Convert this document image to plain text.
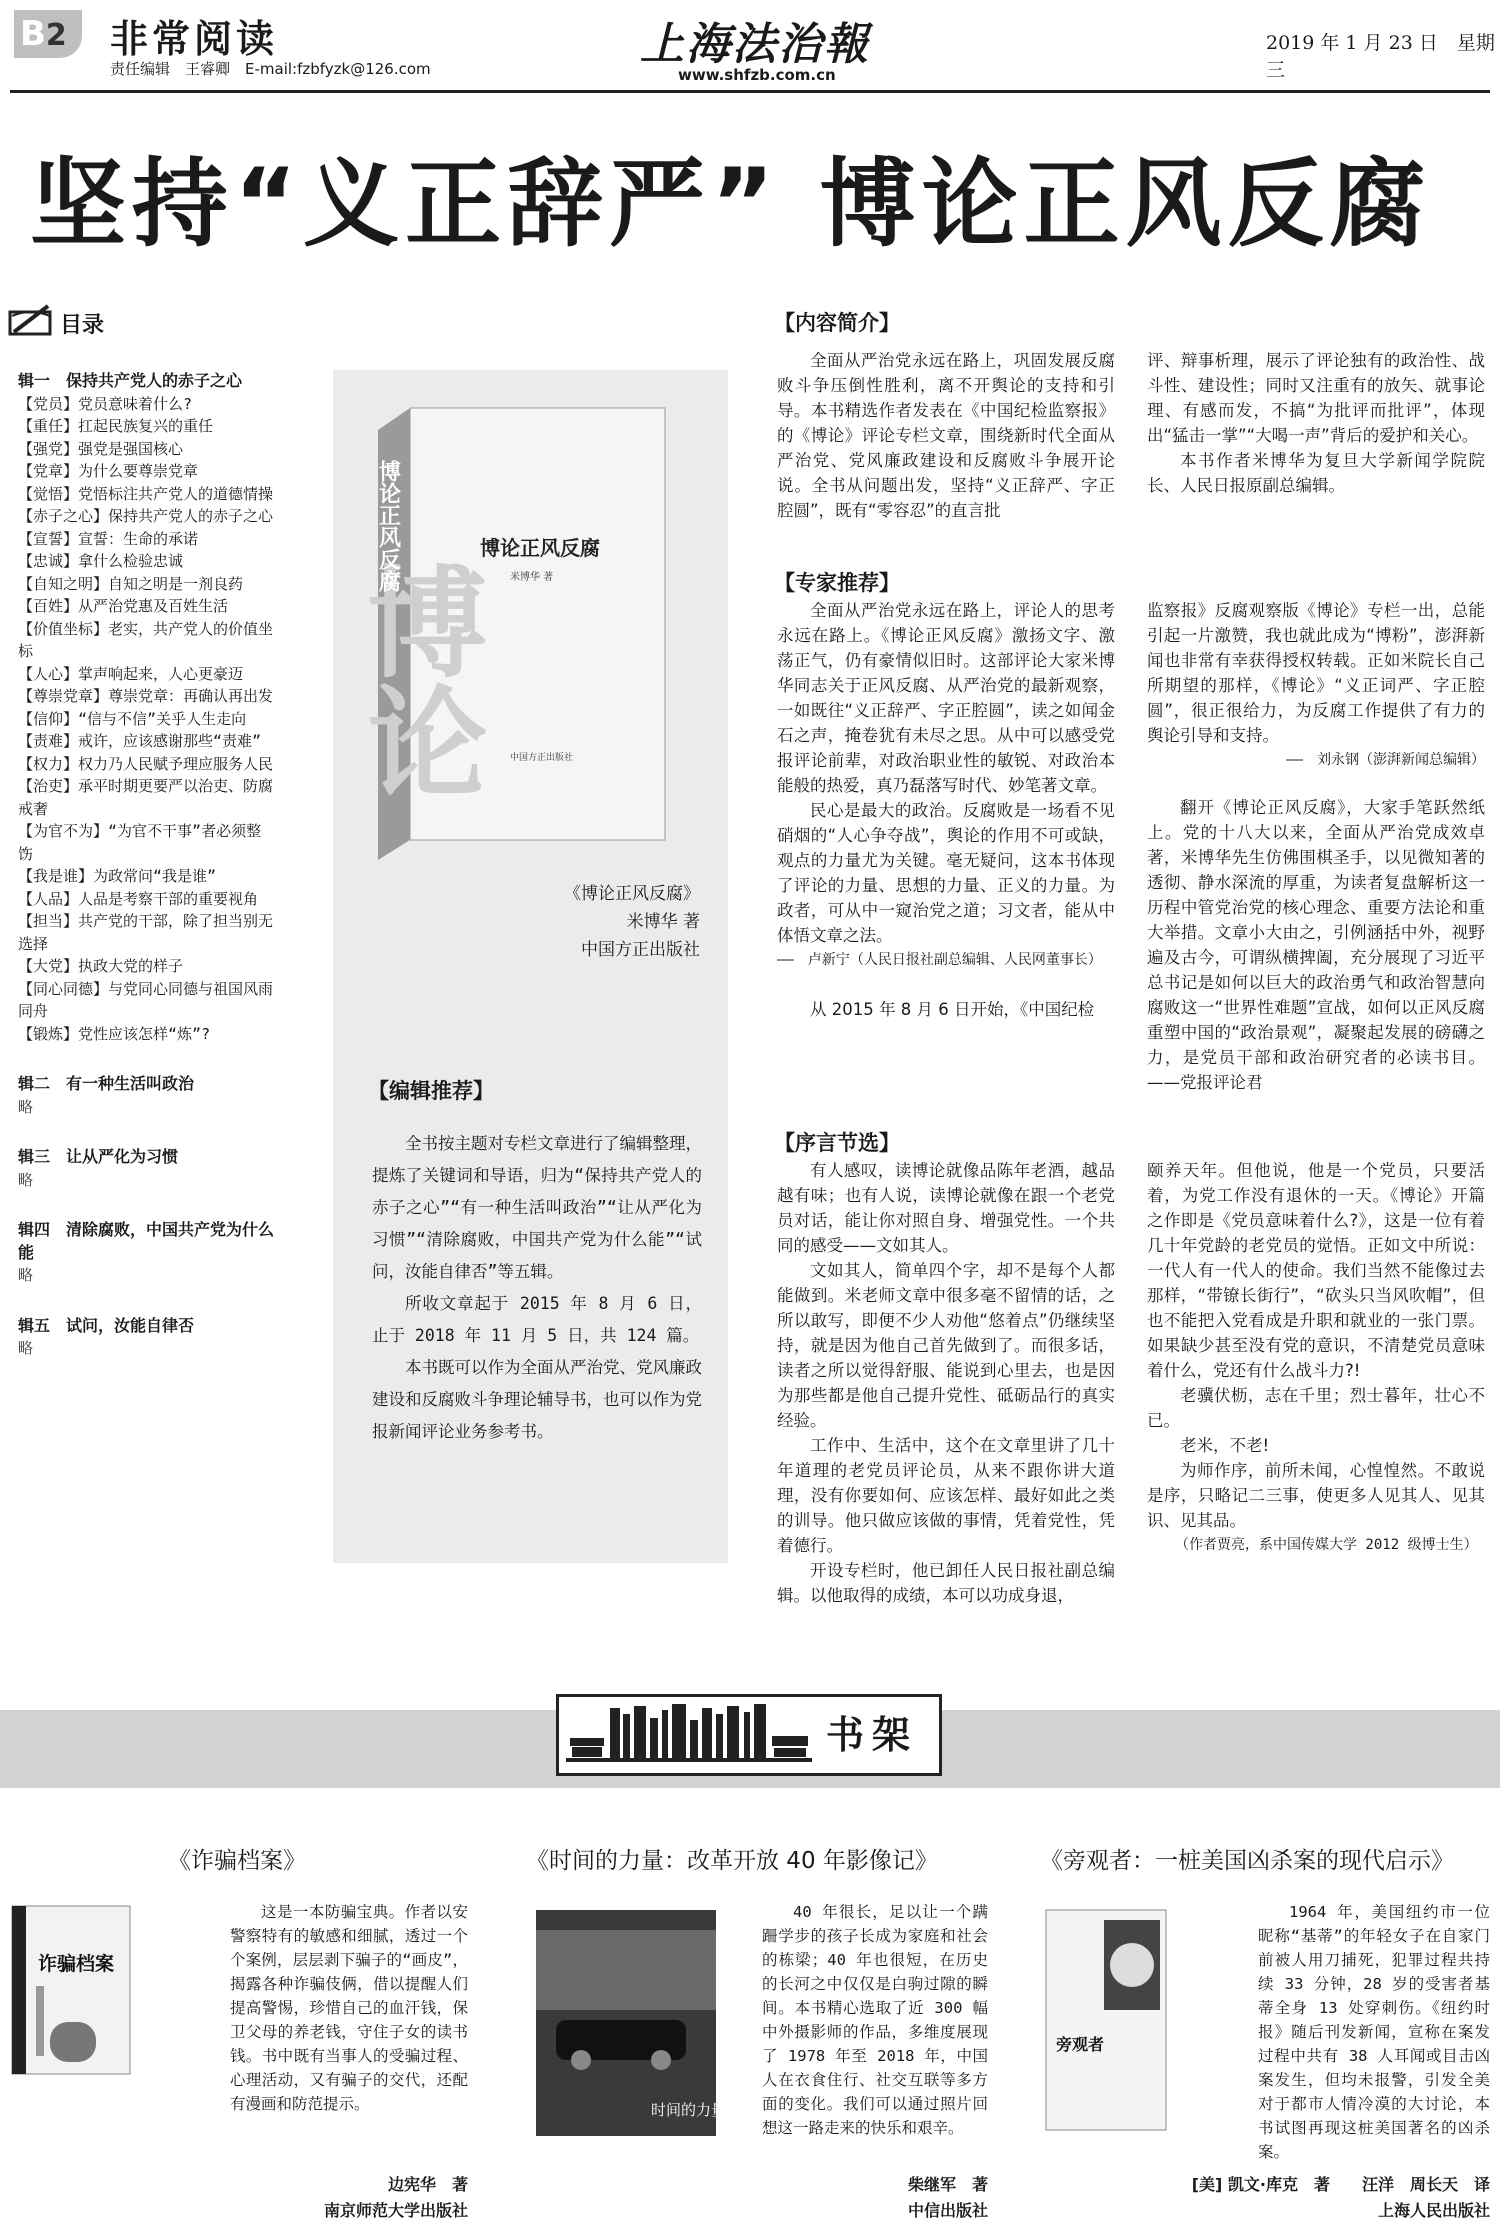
B2	非常阅读
责任编辑　王睿卿　E-mail:fzbfyzk@126.com	上海法治報
www.shfzb.com.cn
2019 年 1 月 23 日　星期三
坚持“义正辞严” 博论正风反腐
目录
辑一　保持共产党人的赤子之心
【党员】党员意味着什么?
【重任】扛起民族复兴的重任
【强党】强党是强国核心
【党章】为什么要尊崇党章
【觉悟】党悟标注共产党人的道德情操
【赤子之心】保持共产党人的赤子之心
【宣誓】宣誓：生命的承诺
【忠诚】拿什么检验忠诚
【自知之明】自知之明是一剂良药
【百姓】从严治党惠及百姓生活
【价值坐标】老实，共产党人的价值坐标
【人心】掌声响起来，人心更豪迈
【尊崇党章】尊崇党章：再确认再出发
【信仰】“信与不信”关乎人生走向
【责难】戒许，应该感谢那些“责难”
【权力】权力乃人民赋予理应服务人民
【治吏】承平时期更要严以治吏、防腐戒奢
【为官不为】“为官不干事”者必须整饬
【我是谁】为政常问“我是谁”
【人品】人品是考察干部的重要视角
【担当】共产党的干部，除了担当别无选择
【大党】执政大党的样子
【同心同德】与党同心同德与祖国风雨同舟
【锻炼】党性应该怎样“炼”?
辑二　有一种生活叫政治
略
辑三　让从严化为习惯
略
辑四　清除腐败，中国共产党为什么能
略
辑五　试问，汝能自律否
略
博论
博论正风反腐	博论正风反腐
米博华 著
中国方正出版社
《博论正风反腐》
米博华 著
中国方正出版社
【编辑推荐】

全书按主题对专栏文章进行了编辑整理，提炼了关键词和导语，归为“保持共产党人的赤子之心”“有一种生活叫政治”“让从严化为习惯”“清除腐败，中国共产党为什么能”“试问，汝能自律否”等五辑。

所收文章起于 2015 年 8 月 6 日，止于 2018 年 11 月 5 日，共 124 篇。

本书既可以作为全面从严治党、党风廉政建设和反腐败斗争理论辅导书，也可以作为党报新闻评论业务参考书。

【内容简介】

全面从严治党永远在路上，巩固发展反腐败斗争压倒性胜利，离不开舆论的支持和引导。本书精选作者发表在《中国纪检监察报》的《博论》评论专栏文章，围绕新时代全面从严治党、党风廉政建设和反腐败斗争展开论说。全书从问题出发，坚持“义正辞严、字正腔圆”，既有“零容忍”的直言批

评、辩事析理，展示了评论独有的政治性、战斗性、建设性；同时又注重有的放矢、就事论理、有感而发，不搞“为批评而批评”，体现出“猛击一掌”“大喝一声”背后的爱护和关心。

本书作者米博华为复旦大学新闻学院院长、人民日报原副总编辑。

【专家推荐】

全面从严治党永远在路上，评论人的思考永远在路上。《博论正风反腐》激扬文字、激荡正气，仍有豪情似旧时。这部评论大家米博华同志关于正风反腐、从严治党的最新观察，一如既往“义正辞严、字正腔圆”，读之如闻金石之声，掩卷犹有未尽之思。从中可以感受党报评论前辈，对政治职业性的敏锐、对政治本能般的热爱，真乃磊落写时代、妙笔著文章。

民心是最大的政治。反腐败是一场看不见硝烟的“人心争夺战”，舆论的作用不可或缺，观点的力量尤为关键。毫无疑问，这本书体现了评论的力量、思想的力量、正义的力量。为政者，可从中一窥治党之道；习文者，能从中体悟文章之法。

——　卢新宁（人民日报社副总编辑、人民网董事长）

从 2015 年 8 月 6 日开始，《中国纪检

监察报》反腐观察版《博论》专栏一出，总能引起一片激赞，我也就此成为“博粉”，澎湃新闻也非常有幸获得授权转载。正如米院长自己所期望的那样，《博论》“义正词严、字正腔圆”，很正很给力，为反腐工作提供了有力的舆论引导和支持。

——　刘永钢（澎湃新闻总编辑）

翻开《博论正风反腐》，大家手笔跃然纸上。党的十八大以来，全面从严治党成效卓著，米博华先生仿佛围棋圣手，以见微知著的透彻、静水深流的厚重，为读者复盘解析这一历程中管党治党的核心理念、重要方法论和重大举措。文章小大由之，引例涵括中外，视野遍及古今，可谓纵横捭阖，充分展现了习近平总书记是如何以巨大的政治勇气和政治智慧向腐败这一“世界性难题”宣战，如何以正风反腐重塑中国的“政治景观”，凝聚起发展的磅礴之力，是党员干部和政治研究者的必读书目。——党报评论君

【序言节选】

有人感叹，读博论就像品陈年老酒，越品越有味；也有人说，读博论就像在跟一个老党员对话，能让你对照自身、增强党性。一个共同的感受——文如其人。

文如其人，简单四个字，却不是每个人都能做到。米老师文章中很多毫不留情的话，之所以敢写，即便不少人劝他“悠着点”仍继续坚持，就是因为他自己首先做到了。而很多话，读者之所以觉得舒服、能说到心里去，也是因为那些都是他自己提升党性、砥砺品行的真实经验。

工作中、生活中，这个在文章里讲了几十年道理的老党员评论员，从来不跟你讲大道理，没有你要如何、应该怎样、最好如此之类的训导。他只做应该做的事情，凭着党性，凭着德行。

开设专栏时，他已卸任人民日报社副总编辑。以他取得的成绩，本可以功成身退，

颐养天年。但他说，他是一个党员，只要活着，为党工作没有退休的一天。《博论》开篇之作即是《党员意味着什么?》，这是一位有着几十年党龄的老党员的觉悟。正如文中所说：一代人有一代人的使命。我们当然不能像过去那样，“带镣长街行”，“砍头只当风吹帽”，但也不能把入党看成是升职和就业的一张门票。如果缺少甚至没有党的意识，不清楚党员意味着什么，党还有什么战斗力?!

老骥伏枥，志在千里；烈士暮年，壮心不已。

老米，不老!

为师作序，前所未闻，心惶惶然。不敢说是序，只略记二三事，使更多人见其人、见其识、见其品。

（作者贾亮，系中国传媒大学 2012 级博士生）

书架
《诈骗档案》
诈骗档案

这是一本防骗宝典。作者以安警察特有的敏感和细腻，透过一个个案例，层层剥下骗子的“画皮”，揭露各种诈骗伎俩，借以提醒人们提高警惕，珍惜自己的血汗钱，保卫父母的养老钱，守住子女的读书钱。书中既有当事人的受骗过程、心理活动，又有骗子的交代，还配有漫画和防范提示。

边宪华　著
南京师范大学出版社
《时间的力量：改革开放 40 年影像记》
时间的力量

40 年很长，足以让一个蹒跚学步的孩子长成为家庭和社会的栋梁；40 年也很短，在历史的长河之中仅仅是白驹过隙的瞬间。本书精心选取了近 300 幅中外摄影师的作品，多维度展现了 1978 年至 2018 年，中国人在衣食住行、社交互联等多方面的变化。我们可以通过照片回想这一路走来的快乐和艰辛。

柴继军　著
中信出版社
《旁观者：一桩美国凶杀案的现代启示》
旁观者

1964 年，美国纽约市一位昵称“基蒂”的年轻女子在自家门前被人用刀捕死，犯罪过程共持续 33 分钟，28 岁的受害者基蒂全身 13 处穿刺伤。《纽约时报》随后刊发新闻，宣称在案发过程中共有 38 人耳闻或目击凶案发生，但均未报警，引发全美对于都市人情冷漠的大讨论，本书试图再现这桩美国著名的凶杀案。

[美] 凯文·库克　著　　汪洋　周长天　译
上海人民出版社
